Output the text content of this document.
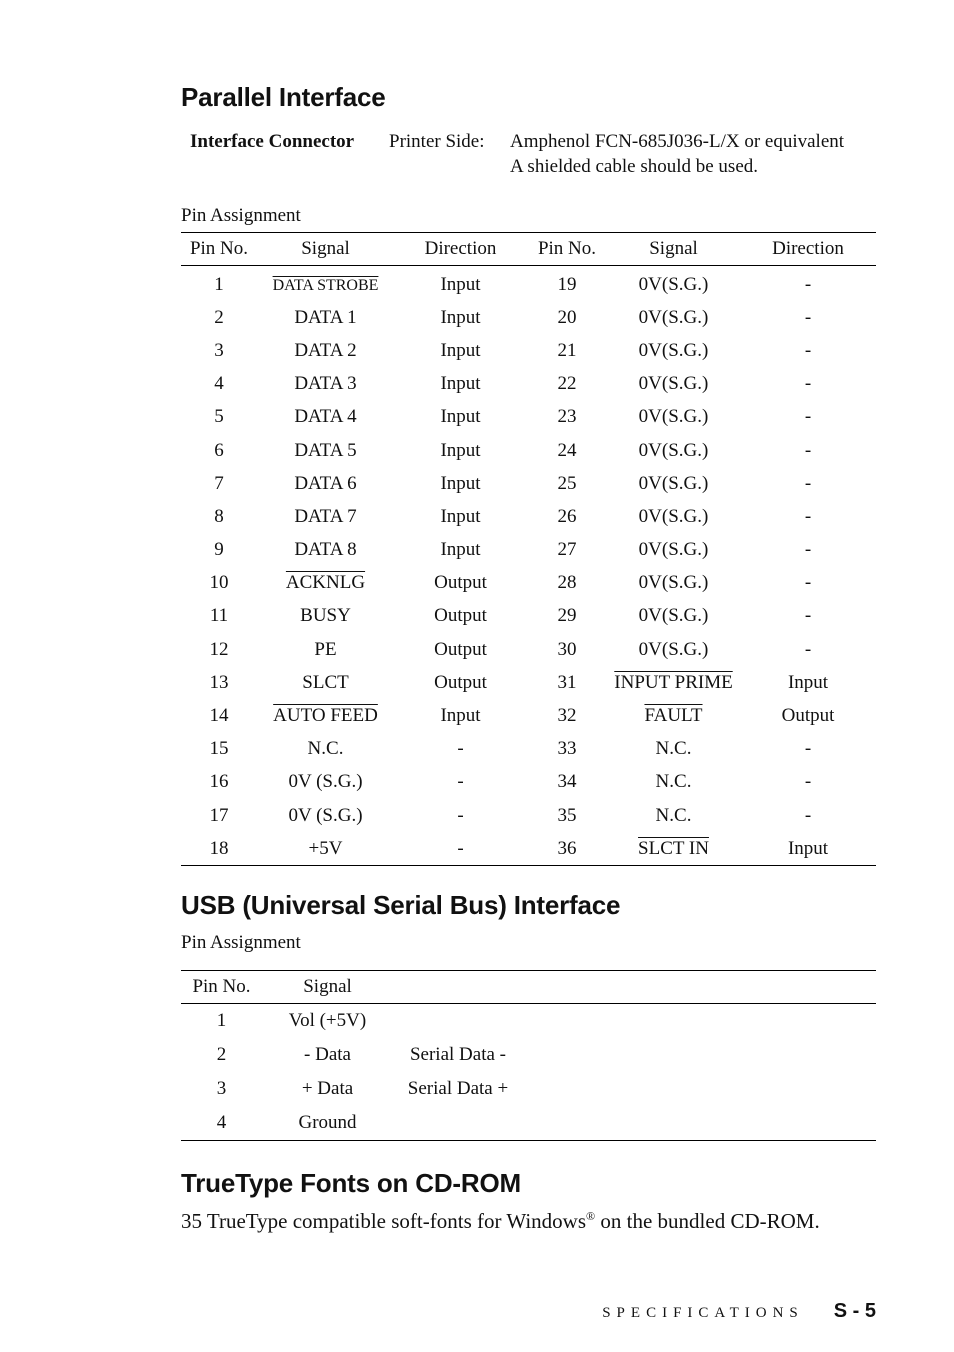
Parallel Interface
Interface Connector Printer Side: Amphenol FCN-685J036-L/X or equivalent
A shielded cable should be used.
Pin Assignment
Pin No.	Signal	Direction	Pin No.	Signal	Direction
1	DATA STROBE	Input	19	0V(S.G.)	-
2	DATA 1	Input	20	0V(S.G.)	-
3	DATA 2	Input	21	0V(S.G.)	-
4	DATA 3	Input	22	0V(S.G.)	-
5	DATA 4	Input	23	0V(S.G.)	-
6	DATA 5	Input	24	0V(S.G.)	-
7	DATA 6	Input	25	0V(S.G.)	-
8	DATA 7	Input	26	0V(S.G.)	-
9	DATA 8	Input	27	0V(S.G.)	-
10	ACKNLG	Output	28	0V(S.G.)	-
11	BUSY	Output	29	0V(S.G.)	-
12	PE	Output	30	0V(S.G.)	-
13	SLCT	Output	31	INPUT PRIME	Input
14	AUTO FEED	Input	32	FAULT	Output
15	N.C.	-	33	N.C.	-
16	0V (S.G.)	-	34	N.C.	-
17	0V (S.G.)	-	35	N.C.	-
18	+5V	-	36	SLCT IN	Input
USB (Universal Serial Bus) Interface
Pin Assignment
Pin No.	Signal		
1	Vol (+5V)		
2	- Data	Serial Data -	
3	+ Data	Serial Data +	
4	Ground		
TrueType Fonts on CD-ROM
35 TrueType compatible soft-fonts for Windows® on the bundled CD-ROM.
SPECIFICATIONS S - 5
